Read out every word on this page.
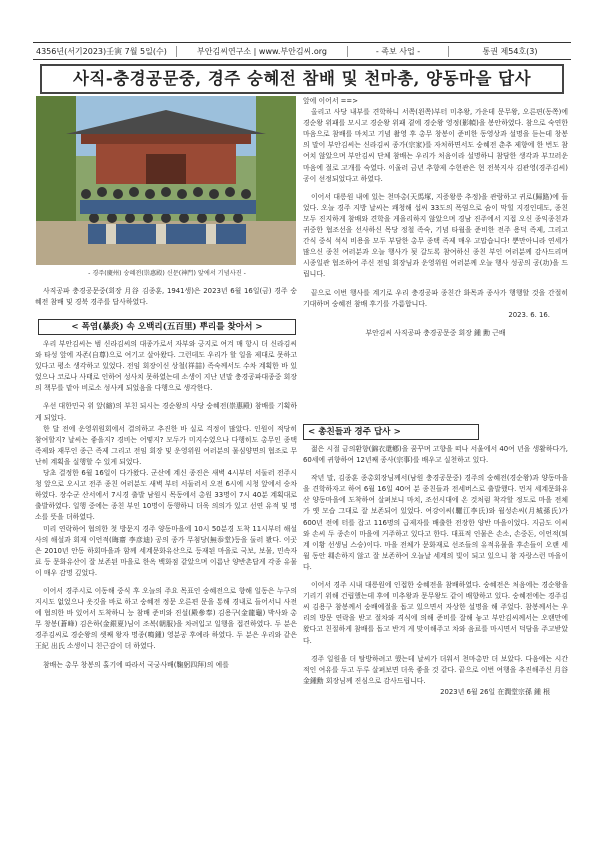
4356년(서기2023)壬寅 7월 5일(수)	부안김씨연구소 | www.부안김씨.org	- 족보 사업 -	통권 제54호(3)
사직-충경공문중, 경주 숭혜전 참배 및 천마총, 양동마을 답사
- 경주(慶州) 숭혜전(崇惠殿) 신문(神門) 앞에서 기념사진 -

사직공파 충경공문중(회장 月谷 김종훈, 1941생)은 2023년 6월 16일(금) 경주 숭혜전 참배 및 경북 경주를 답사하였다.

< 폭염(暴炎) 속 오백리(五百里) 뿌리를 찾아서 >

우리 부안김씨는 범 신라김씨의 대종가로서 자부와 긍지로 여겨 매 항시 더 신라김씨와 타성 앞에 자존(自尊)으로 여기고 살아왔다. 그런데도 우리가 할 일을 제대로 못하고 있다고 평소 생각하고 있었다. 전임 회장이신 상철(祥喆) 족숙께서도 수차 계획한 바 있었으나 코로나 사태로 인하여 성사치 못하였는데 소생이 지난 년말 충경공파대종중 회장의 책무를 맡아 비로소 성사케 되었음을 다행으로 생각한다.

우선 대한민국 위 앞(縮)의 부친 되시는 경순왕의 사당 숭혜전(崇惠殿) 참배를 기획하게 되었다.

한 달 전에 운영위원회에서 결의하고 추진한 바 실로 걱정이 많았다. 인원이 적당히 참여할지? 날씨는 좋을지? 경비는 어떻지? 모두가 미지수였으나 다행히도 총무인 종택 족제와 재무인 종근 족제 그리고 전임 회장 및 운영위원 여러분의 물심양면의 협조로 무난히 계획을 실행할 수 있게 되었다.

당초 결정한 6월 16일이 다가왔다. 군산에 계신 종진은 새벽 4시부터 서둘러 전주시청 앞으로 오시고 전주 종친 여러분도 새벽 부터 서둘러서 오전 6시에 시청 앞에서 승차하였다. 장수군 산서에서 7시경 출발 남원시 목동에서 총원 33명이 7시 40분 계획대로 출발하였다. 일행 중에는 종친 부인 10명이 동행하니 더욱 의의가 있고 선연 유적 및 명소를 뜻을 더하였다.

미리 연락하여 협의한 첫 방문지 경주 양동마을에 10시 50분경 도착 11시부터 해설사의 해설과 회재 이언적(晦齋 李彦迪) 공의 종가 무첨당(無忝堂)등을 둘러 봤다. 이곳은 2010년 안동 하회마을과 함께 세계문화유산으로 등재된 마을로 국보, 보물, 민속자료 등 문화유산이 잘 보존된 마을로 한옥 백화점 같았으며 이름난 양반촌답게 각종 유물이 매우 감명 깊었다.

이어서 경주시로 이동해 중식 후 오늘의 주요 목표인 숭혜전으로 향해 일동은 누구의 지시도 없었으나 옷깃을 바로 하고 숭혜전 정문 오른편 문을 통해 경내로 들어서니 사전에 협의한 바 있어서 도착하니 능 참배 준비와 진설(殿參奉) 김용구(金龍龜) 박사와 총무 창봉(蒼峰) 김은하(金銀夏)님이 조복(朝服)을 차려입고 일행을 접견하였다. 두 분은 경주김씨로 경순왕의 셋째 왕자 명종(鳴鍾) 영분공 후예라 하였다. 두 분은 우리와 같은 王紀 出氏 소생이니 친근감이 더 하였다.

참배는 총무 창봉의 홀기에 따라서 국궁사배(鞠躬四拜)의 예를

앞에 이어서 ==>

올리고 사당 내부를 견학하니 서쪽(왼쪽)부터 미추왕, 가운데 문무왕, 오른편(동쪽)에 경순왕 위패를 모시고 경순왕 위패 곁에 경순왕 영정(影幀)을 봉안하였다. 참으로 숙연한 마음으로 참배를 마치고 기념 촬영 후 총무 창봉이 준비한 동영상과 설명을 듣는데 창봉의 말이 부안김씨는 신라김씨 종가(宗家)를 자처하면서도 숭혜전 춘추 제향에 한 번도 참여치 않았으며 부안김씨 단체 참배는 우리가 처음이라 설명하니 참담한 생각과 부끄러운 마음에 절로 고개를 숙였다. 이울러 금년 추향제 수헌관은 현 전북지사 김관영(경주김씨)공이 선정되었다고 하였다.

이어서 대릉원 내에 있는 천마총(天馬塚, 지증왕릉 추정)을 관람하고 귀로(歸路)에 들었다. 오늘 경주 지방 날씨는 쾌청해 섭씨 33도의 폭염으로 숨이 막힐 지경인데도, 종친 모두 진지하게 참배와 견학을 게을리하지 않았으며 경남 진주에서 지접 오신 종익종친과 귀중한 협조선을 선사하신 목당 정철 족숙, 기념 타월을 준비한 전주 용덕 족제, 그리고 간식 중식 석식 비용을 모두 부담한 총무 종택 족제 매우 고맙습니다! 뿐만아니라 연세가 많으신 종친 여러분과 오늘 행사가 됫 갈도록 참여하신 종친 부인 여러분께 감사드리며 시종일관 협조하여 주신 전임 회장님과 운영위원 여러분께 오늘 행사 성공의 공(功)을 드립니다.

끝으로 이번 행사를 계기로 우리 충경공파 종친간 화목과 종사가 행행할 것을 간절히 기대하며 숭혜전 참배 후기를 가름합니다.

2023. 6. 16.
부안김씨 사직공파 충경공문중 회장 鍾 勳 근배
< 총친들과 경주 답사 >

젊은 시절 금의환향(錦衣還鄕)을 꿈꾸며 고향을 떠나 서울에서 40여 년을 생활하다가, 60세에 귀향하여 12년째 종사(宗事)를 배우고 실천하고 있다.

작년 말, 김종훈 종총회장님께서(남원 충경공문중) 경주의 숭혜전(경순왕)과 양동마을을 견학하자고 하여 6월 16일 40여 분 종친들과 전세버스로 출발했다. 먼저 세계문화유산 양동마을에 도착하여 살펴보니 마치, 조선시대에 온 것처럼 착각할 정도로 마을 전체가 옛 모습 그대로 잘 보존되어 있었다. 여강이씨(驪江李氏)와 월성손씨(月城孫氏)가 600년 전에 터를 잡고 116명의 급제자를 배출한 전장한 양반 마을이었다. 지금도 이씨와 손씨 두 종손이 마을에 거주하고 있다고 한다. 대표적 인물은 손소, 손중돈, 이언적(퇴계 이황 선생님 스승)이다. 마을 전체가 문화재로 선조들의 유적유물을 후손들이 오랜 세월 동안 훼손하지 않고 잘 보존하여 오늘날 세계의 빛이 되고 있으니 참 자랑스런 마을이다.

이어서 경주 시내 대릉원에 인접한 숭혜전을 참배하였다. 숭혜전은 처음에는 경순왕을 기리기 위해 건립했는데 후에 미추왕과 문무왕도 같이 배향하고 있다. 숭혜전에는 경주김씨 김용구 참봉께서 숭배예절을 돕고 있으면서 자상한 설명을 해 주었다. 참봉께서는 우리의 방문 연락을 받고 절차와 격식에 의해 준비를 잘해 놓고 부안김씨께서는 오랜만에 왔다고 친절하게 참배를 돕고 반겨 게 맞이해주고 차와 음료를 마시면서 덕담을 주고받았다.

경주 일원을 더 탐방하려고 했는데 날씨가 더워서 천마총만 더 보았다. 다음에는 시간적인 여유를 두고 두루 살펴보면 더욱 좋을 것 같다. 끝으로 이번 여행을 추진해주신 月谷 金鍾勳 회장님께 진심으로 감사드립니다.

2023년 6월 26일 在潤堂宗孫 鍾 根
